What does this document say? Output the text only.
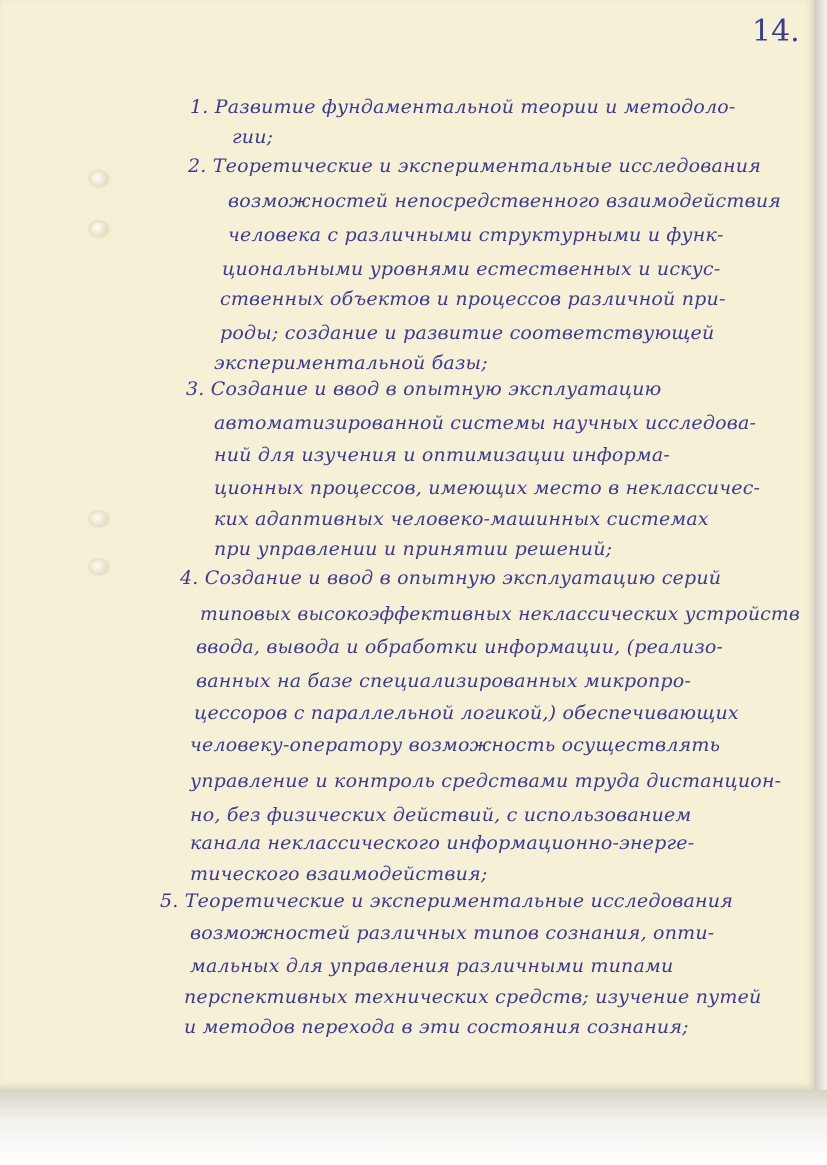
14.
1. Развитие фундаментальной теории и методоло-
гии;
2. Теоретические и экспериментальные исследования
возможностей непосредственного взаимодействия
человека с различными структурными и функ-
циональными уровнями естественных и искус-
ственных объектов и процессов различной при-
роды; создание и развитие соответствующей
экспериментальной базы;
3. Создание и ввод в опытную эксплуатацию
автоматизированной системы научных исследова-
ний для изучения и оптимизации информа-
ционных процессов, имеющих место в неклассичес-
ких адаптивных человеко-машинных системах
при управлении и принятии решений;
4. Создание и ввод в опытную эксплуатацию серий
типовых высокоэффективных неклассических устройств
ввода, вывода и обработки информации, (реализо-
ванных на базе специализированных микропро-
цессоров с параллельной логикой,) обеспечивающих
человеку-оператору возможность осуществлять
управление и контроль средствами труда дистанцион-
но, без физических действий, с использованием
канала неклассического информационно-энерге-
тического взаимодействия;
5. Теоретические и экспериментальные исследования
возможностей различных типов сознания, опти-
мальных для управления различными типами
перспективных технических средств; изучение путей
и методов перехода в эти состояния сознания;
